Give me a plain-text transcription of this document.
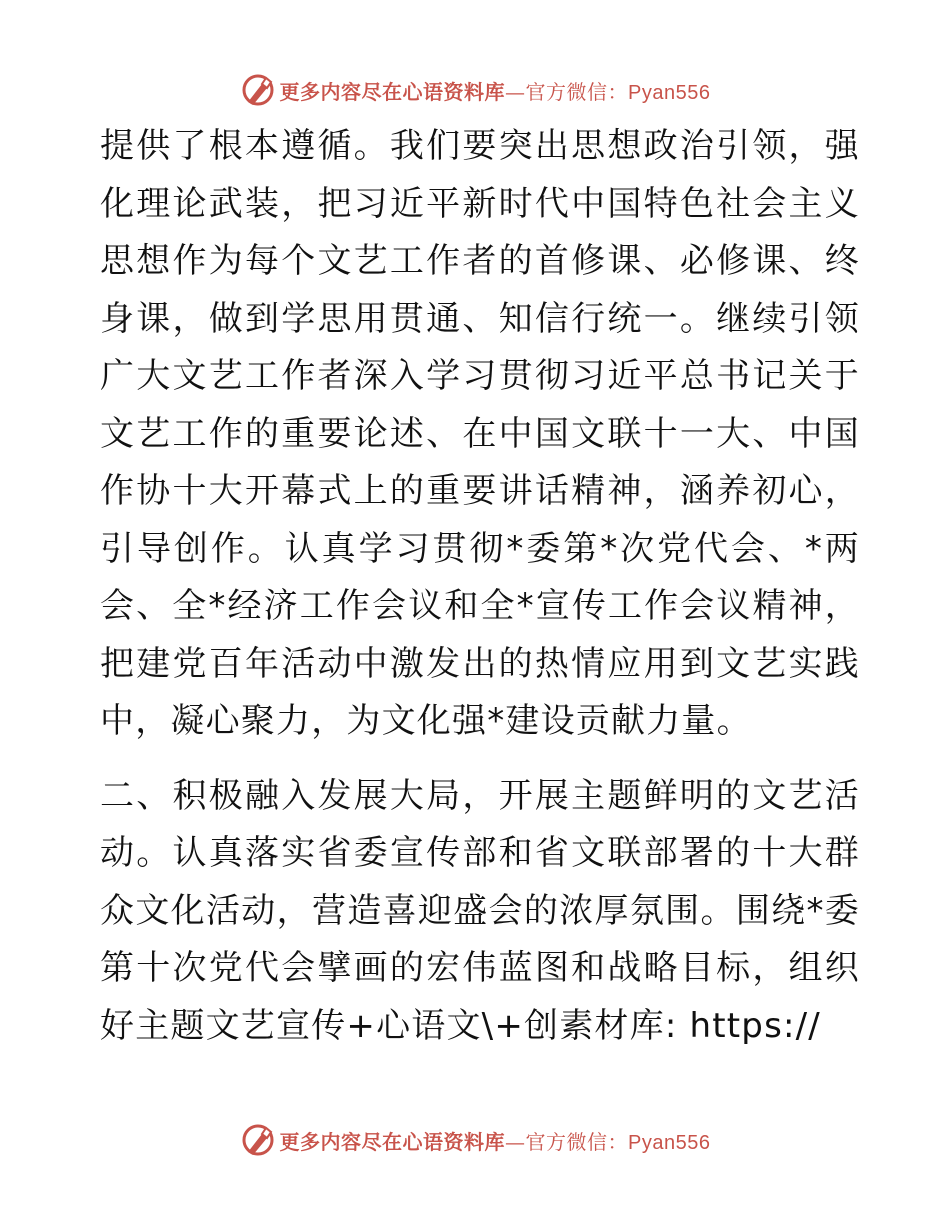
更多内容尽在心语资料库—官方微信：Pyan556

提供了根本遵循。我们要突出思想政治引领，强化理论武装，把习近平新时代中国特色社会主义思想作为每个文艺工作者的首修课、必修课、终身课，做到学思用贯通、知信行统一。继续引领广大文艺工作者深入学习贯彻习近平总书记关于文艺工作的重要论述、在中国文联十一大、中国作协十大开幕式上的重要讲话精神，涵养初心，引导创作。认真学习贯彻*委第*次党代会、*两会、全*经济工作会议和全*宣传工作会议精神，把建党百年活动中激发出的热情应用到文艺实践中，凝心聚力，为文化强*建设贡献力量。

二、积极融入发展大局，开展主题鲜明的文艺活动。认真落实省委宣传部和省文联部署的十大群众文化活动，营造喜迎盛会的浓厚氛围。围绕*委第十次党代会擘画的宏伟蓝图和战略目标，组织好主题文艺宣传+心语文\+创素材库: https://

更多内容尽在心语资料库—官方微信：Pyan556
